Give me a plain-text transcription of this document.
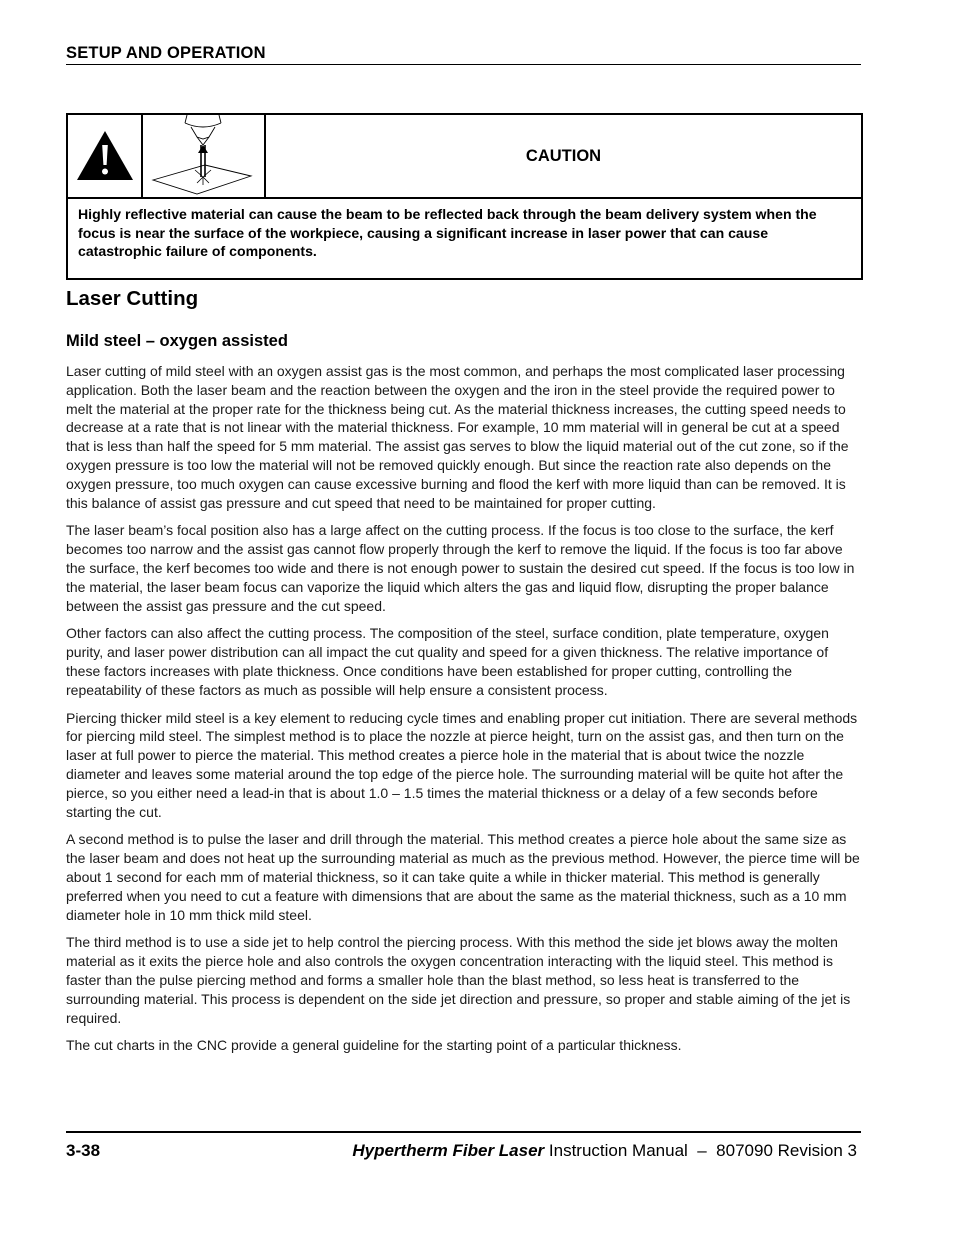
SETUP AND OPERATION
CAUTION
Highly reflective material can cause the beam to be reflected back through the beam delivery system when the focus is near the surface of the workpiece, causing a significant increase in laser power that can cause catastrophic failure of components.
Laser Cutting
Mild steel – oxygen assisted

Laser cutting of mild steel with an oxygen assist gas is the most common, and perhaps the most complicated laser processing application. Both the laser beam and the reaction between the oxygen and the iron in the steel provide the required power to melt the material at the proper rate for the thickness being cut. As the material thickness increases, the cutting speed needs to decrease at a rate that is not linear with the material thickness. For example, 10 mm material will in general be cut at a speed that is less than half the speed for 5 mm material. The assist gas serves to blow the liquid material out of the cut zone, so if the oxygen pressure is too low the material will not be removed quickly enough. But since the reaction rate also depends on the oxygen pressure, too much oxygen can cause excessive burning and flood the kerf with more liquid than can be removed. It is this balance of assist gas pressure and cut speed that need to be maintained for proper cutting.

The laser beam’s focal position also has a large affect on the cutting process. If the focus is too close to the surface, the kerf becomes too narrow and the assist gas cannot flow properly through the kerf to remove the liquid. If the focus is too far above the surface, the kerf becomes too wide and there is not enough power to sustain the desired cut speed. If the focus is too low in the material, the laser beam focus can vaporize the liquid which alters the gas and liquid flow, disrupting the proper balance between the assist gas pressure and the cut speed.

Other factors can also affect the cutting process. The composition of the steel, surface condition, plate temperature, oxygen purity, and laser power distribution can all impact the cut quality and speed for a given thickness. The relative importance of these factors increases with plate thickness. Once conditions have been established for proper cutting, controlling the repeatability of these factors as much as possible will help ensure a consistent process.

Piercing thicker mild steel is a key element to reducing cycle times and enabling proper cut initiation. There are several methods for piercing mild steel. The simplest method is to place the nozzle at pierce height, turn on the assist gas, and then turn on the laser at full power to pierce the material. This method creates a pierce hole in the material that is about twice the nozzle diameter and leaves some material around the top edge of the pierce hole. The surrounding material will be quite hot after the pierce, so you either need a lead-in that is about 1.0 – 1.5 times the material thickness or a delay of a few seconds before starting the cut.

A second method is to pulse the laser and drill through the material. This method creates a pierce hole about the same size as the laser beam and does not heat up the surrounding material as much as the previous method. However, the pierce time will be about 1 second for each mm of material thickness, so it can take quite a while in thicker material. This method is generally preferred when you need to cut a feature with dimensions that are about the same as the material thickness, such as a 10 mm diameter hole in 10 mm thick mild steel.

The third method is to use a side jet to help control the piercing process. With this method the side jet blows away the molten material as it exits the pierce hole and also controls the oxygen concentration interacting with the liquid steel. This method is faster than the pulse piercing method and forms a smaller hole than the blast method, so less heat is transferred to the surrounding material. This process is dependent on the side jet direction and pressure, so proper and stable aiming of the jet is required.

The cut charts in the CNC provide a general guideline for the starting point of a particular thickness.

3-38	Hypertherm Fiber Laser Instruction Manual – 807090 Revision 3
